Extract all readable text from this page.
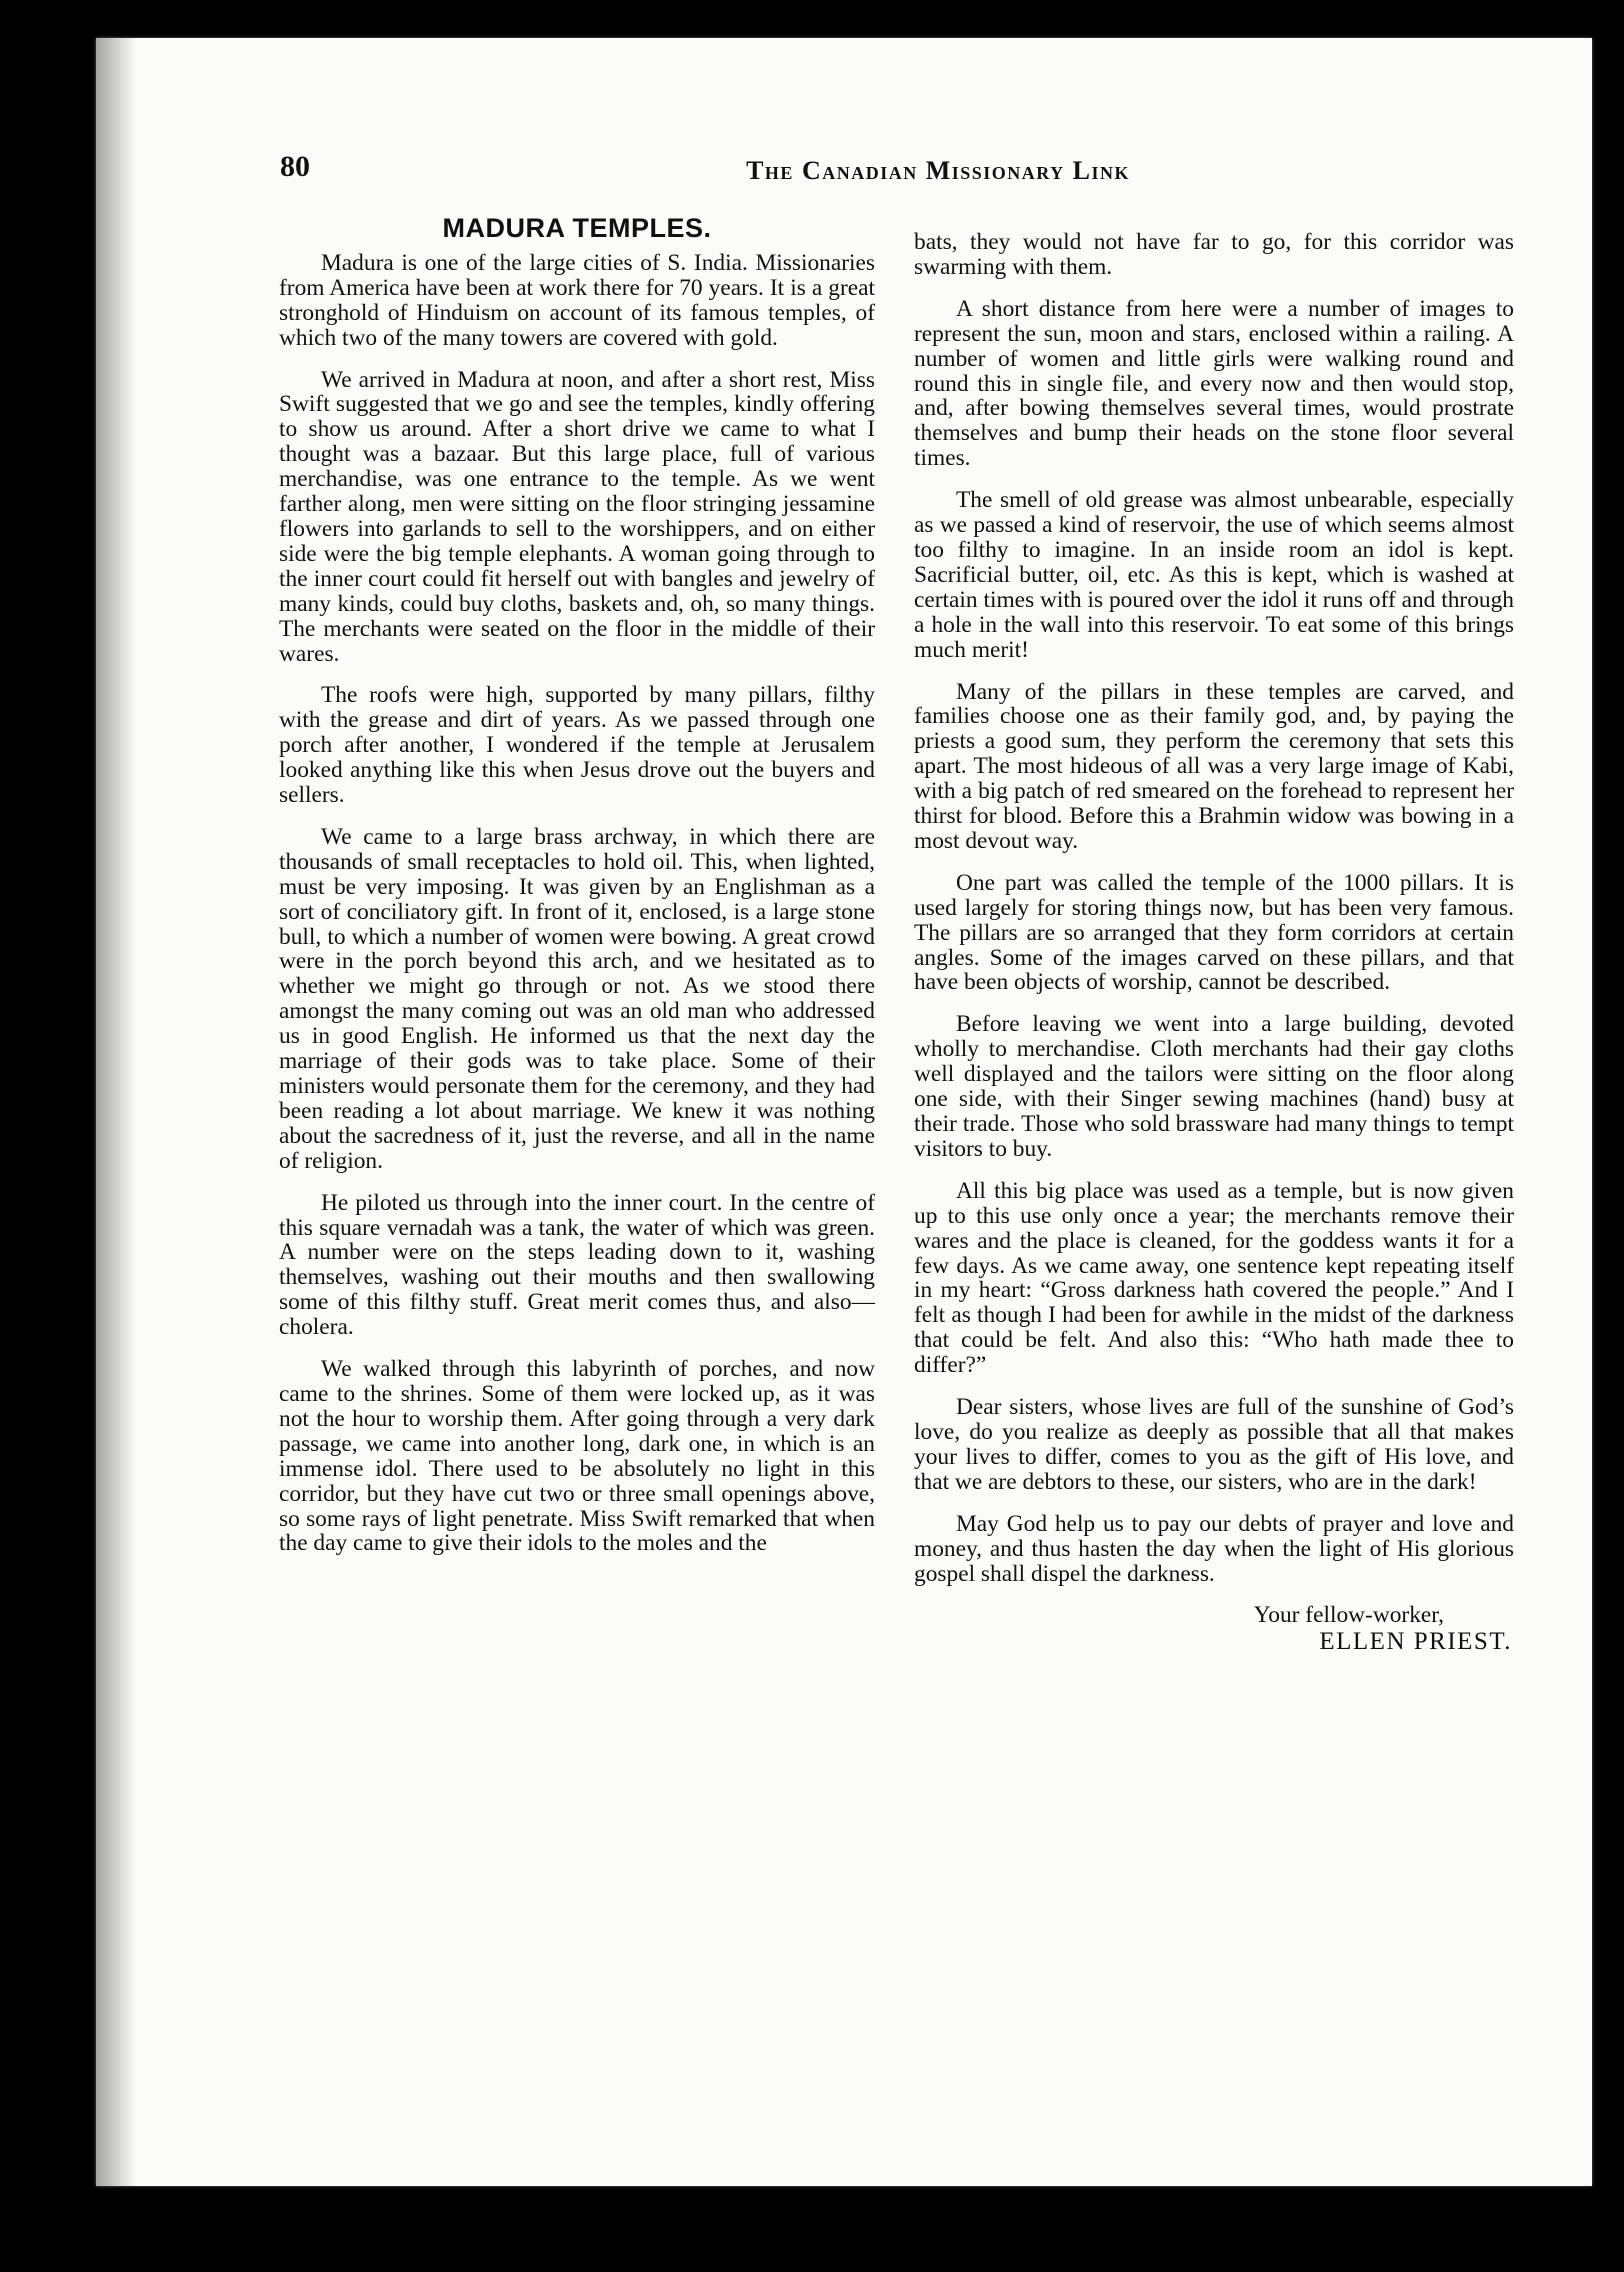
80	The Canadian Missionary Link
MADURA TEMPLES.

Madura is one of the large cities of S. India. Missionaries from America have been at work there for 70 years. It is a great stronghold of Hinduism on account of its famous temples, of which two of the many towers are covered with gold.

We arrived in Madura at noon, and after a short rest, Miss Swift suggested that we go and see the temples, kindly offering to show us around. After a short drive we came to what I thought was a bazaar. But this large place, full of various merchandise, was one entrance to the temple. As we went farther along, men were sitting on the floor stringing jessamine flowers into garlands to sell to the worshippers, and on either side were the big temple elephants. A woman going through to the inner court could fit herself out with bangles and jewelry of many kinds, could buy cloths, baskets and, oh, so many things. The merchants were seated on the floor in the middle of their wares.

The roofs were high, supported by many pillars, filthy with the grease and dirt of years. As we passed through one porch after another, I wondered if the temple at Jerusalem looked anything like this when Jesus drove out the buyers and sellers.

We came to a large brass archway, in which there are thousands of small receptacles to hold oil. This, when lighted, must be very imposing. It was given by an Englishman as a sort of conciliatory gift. In front of it, enclosed, is a large stone bull, to which a number of women were bowing. A great crowd were in the porch beyond this arch, and we hesitated as to whether we might go through or not. As we stood there amongst the many coming out was an old man who addressed us in good English. He informed us that the next day the marriage of their gods was to take place. Some of their ministers would personate them for the ceremony, and they had been reading a lot about marriage. We knew it was nothing about the sacredness of it, just the reverse, and all in the name of religion.

He piloted us through into the inner court. In the centre of this square vernadah was a tank, the water of which was green. A number were on the steps leading down to it, washing themselves, washing out their mouths and then swallowing some of this filthy stuff. Great merit comes thus, and also—cholera.

We walked through this labyrinth of porches, and now came to the shrines. Some of them were locked up, as it was not the hour to worship them. After going through a very dark passage, we came into another long, dark one, in which is an immense idol. There used to be absolutely no light in this corridor, but they have cut two or three small openings above, so some rays of light penetrate. Miss Swift remarked that when the day came to give their idols to the moles and the

bats, they would not have far to go, for this corridor was swarming with them.

A short distance from here were a number of images to represent the sun, moon and stars, enclosed within a railing. A number of women and little girls were walking round and round this in single file, and every now and then would stop, and, after bowing themselves several times, would prostrate themselves and bump their heads on the stone floor several times.

The smell of old grease was almost unbearable, especially as we passed a kind of reservoir, the use of which seems almost too filthy to imagine. In an inside room an idol is kept. Sacrificial butter, oil, etc. As this is kept, which is washed at certain times with is poured over the idol it runs off and through a hole in the wall into this reservoir. To eat some of this brings much merit!

Many of the pillars in these temples are carved, and families choose one as their family god, and, by paying the priests a good sum, they perform the ceremony that sets this apart. The most hideous of all was a very large image of Kabi, with a big patch of red smeared on the forehead to represent her thirst for blood. Before this a Brahmin widow was bowing in a most devout way.

One part was called the temple of the 1000 pillars. It is used largely for storing things now, but has been very famous. The pillars are so arranged that they form corridors at certain angles. Some of the images carved on these pillars, and that have been objects of worship, cannot be described.

Before leaving we went into a large building, devoted wholly to merchandise. Cloth merchants had their gay cloths well displayed and the tailors were sitting on the floor along one side, with their Singer sewing machines (hand) busy at their trade. Those who sold brassware had many things to tempt visitors to buy.

All this big place was used as a temple, but is now given up to this use only once a year; the merchants remove their wares and the place is cleaned, for the goddess wants it for a few days. As we came away, one sentence kept repeating itself in my heart: “Gross darkness hath covered the people.” And I felt as though I had been for awhile in the midst of the darkness that could be felt. And also this: “Who hath made thee to differ?”

Dear sisters, whose lives are full of the sunshine of God’s love, do you realize as deeply as possible that all that makes your lives to differ, comes to you as the gift of His love, and that we are debtors to these, our sisters, who are in the dark!

May God help us to pay our debts of prayer and love and money, and thus hasten the day when the light of His glorious gospel shall dispel the darkness.

Your fellow-worker,

ELLEN PRIEST.
